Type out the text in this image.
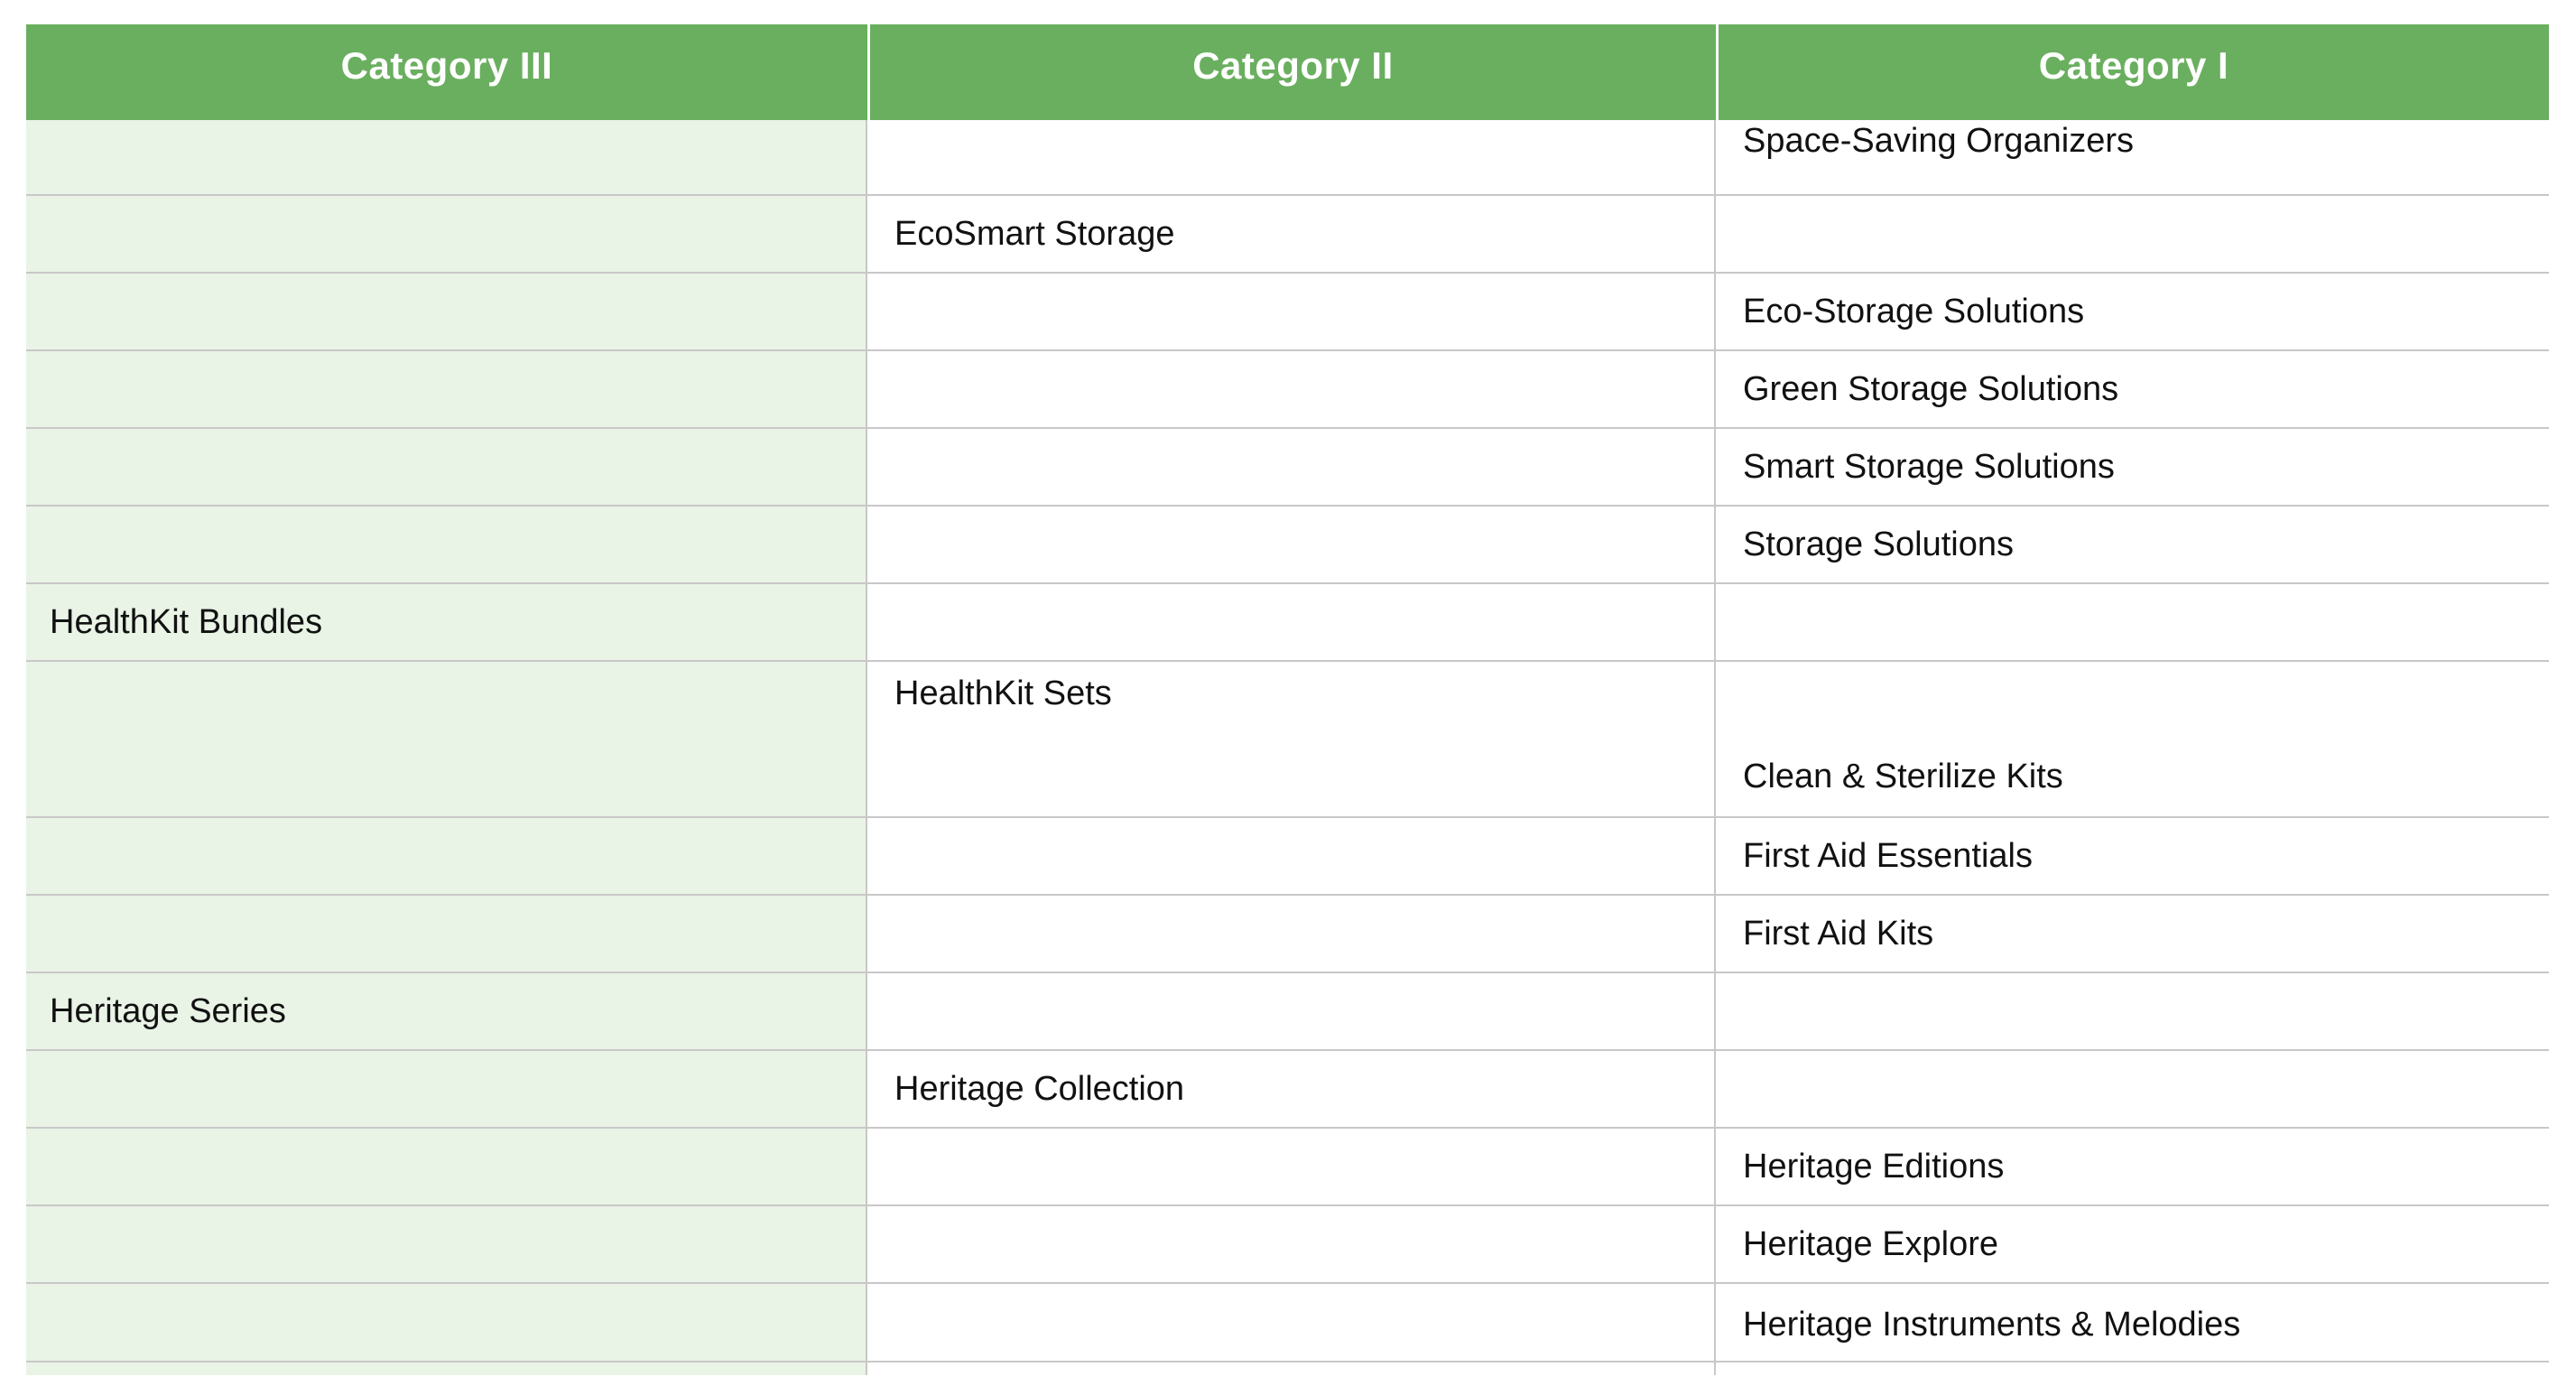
Category III	Category II	Category I
Space-Saving Organizers
EcoSmart Storage
Eco-Storage Solutions
Green Storage Solutions
Smart Storage Solutions
Storage Solutions
HealthKit Bundles
HealthKit Sets
Clean & Sterilize Kits
First Aid Essentials
First Aid Kits
Heritage Series
Heritage Collection
Heritage Editions
Heritage Explore
Heritage Instruments & Melodies
